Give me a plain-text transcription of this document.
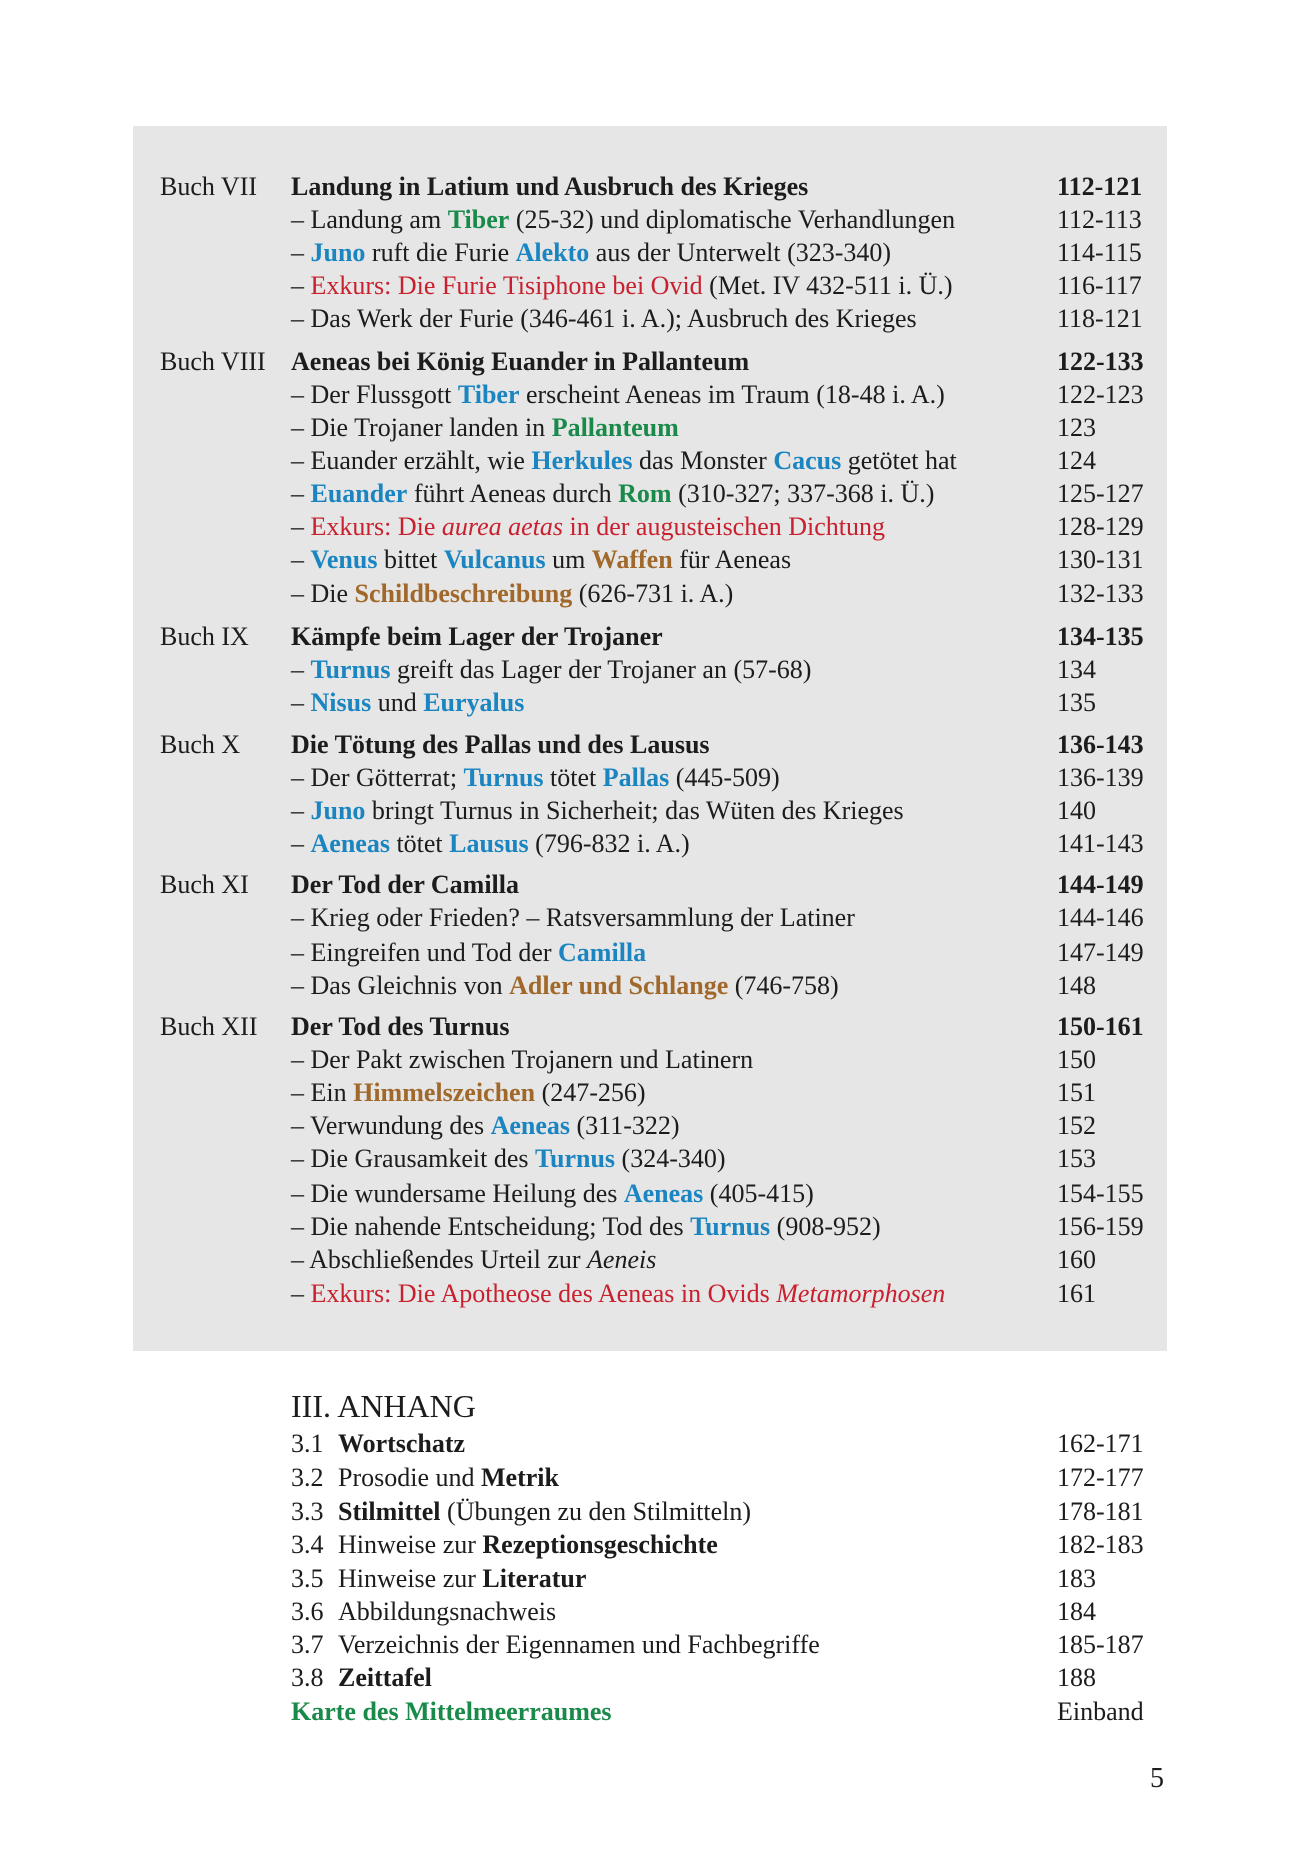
Buch VII Landung in Latium und Ausbruch des Krieges	112-121
– Landung am Tiber (25-32) und diplomatische Verhandlungen	112-113
– Juno ruft die Furie Alekto aus der Unterwelt (323-340)	114-115
– Exkurs: Die Furie Tisiphone bei Ovid (Met. IV 432-511 i. Ü.)	116-117
– Das Werk der Furie (346-461 i. A.); Ausbruch des Krieges	118-121
Buch VIII Aeneas bei König Euander in Pallanteum	122-133
– Der Flussgott Tiber erscheint Aeneas im Traum (18-48 i. A.)	122-123
– Die Trojaner landen in Pallanteum	123
– Euander erzählt, wie Herkules das Monster Cacus getötet hat	124
– Euander führt Aeneas durch Rom (310-327; 337-368 i. Ü.)	125-127
– Exkurs: Die aurea aetas in der augusteischen Dichtung	128-129
– Venus bittet Vulcanus um Waffen für Aeneas	130-131
– Die Schildbeschreibung (626-731 i. A.)	132-133
Buch IX Kämpfe beim Lager der Trojaner	134-135
– Turnus greift das Lager der Trojaner an (57-68)	134
– Nisus und Euryalus	135
Buch X Die Tötung des Pallas und des Lausus	136-143
– Der Götterrat; Turnus tötet Pallas (445-509)	136-139
– Juno bringt Turnus in Sicherheit; das Wüten des Krieges	140
– Aeneas tötet Lausus (796-832 i. A.)	141-143
Buch XI Der Tod der Camilla	144-149
– Krieg oder Frieden? – Ratsversammlung der Latiner	144-146
– Eingreifen und Tod der Camilla	147-149
– Das Gleichnis von Adler und Schlange (746-758)	148
Buch XII Der Tod des Turnus	150-161
– Der Pakt zwischen Trojanern und Latinern	150
– Ein Himmelszeichen (247-256)	151
– Verwundung des Aeneas (311-322)	152
– Die Grausamkeit des Turnus (324-340)	153
– Die wundersame Heilung des Aeneas (405-415)	154-155
– Die nahende Entscheidung; Tod des Turnus (908-952)	156-159
– Abschließendes Urteil zur Aeneis	160
– Exkurs: Die Apotheose des Aeneas in Ovids Metamorphosen	161
III. ANHANG
3.1 Wortschatz	162-171
3.2 Prosodie und Metrik	172-177
3.3 Stilmittel (Übungen zu den Stilmitteln)	178-181
3.4 Hinweise zur Rezeptionsgeschichte	182-183
3.5 Hinweise zur Literatur	183
3.6 Abbildungsnachweis	184
3.7 Verzeichnis der Eigennamen und Fachbegriffe	185-187
3.8 Zeittafel	188
Karte des Mittelmeerraumes	Einband
5
